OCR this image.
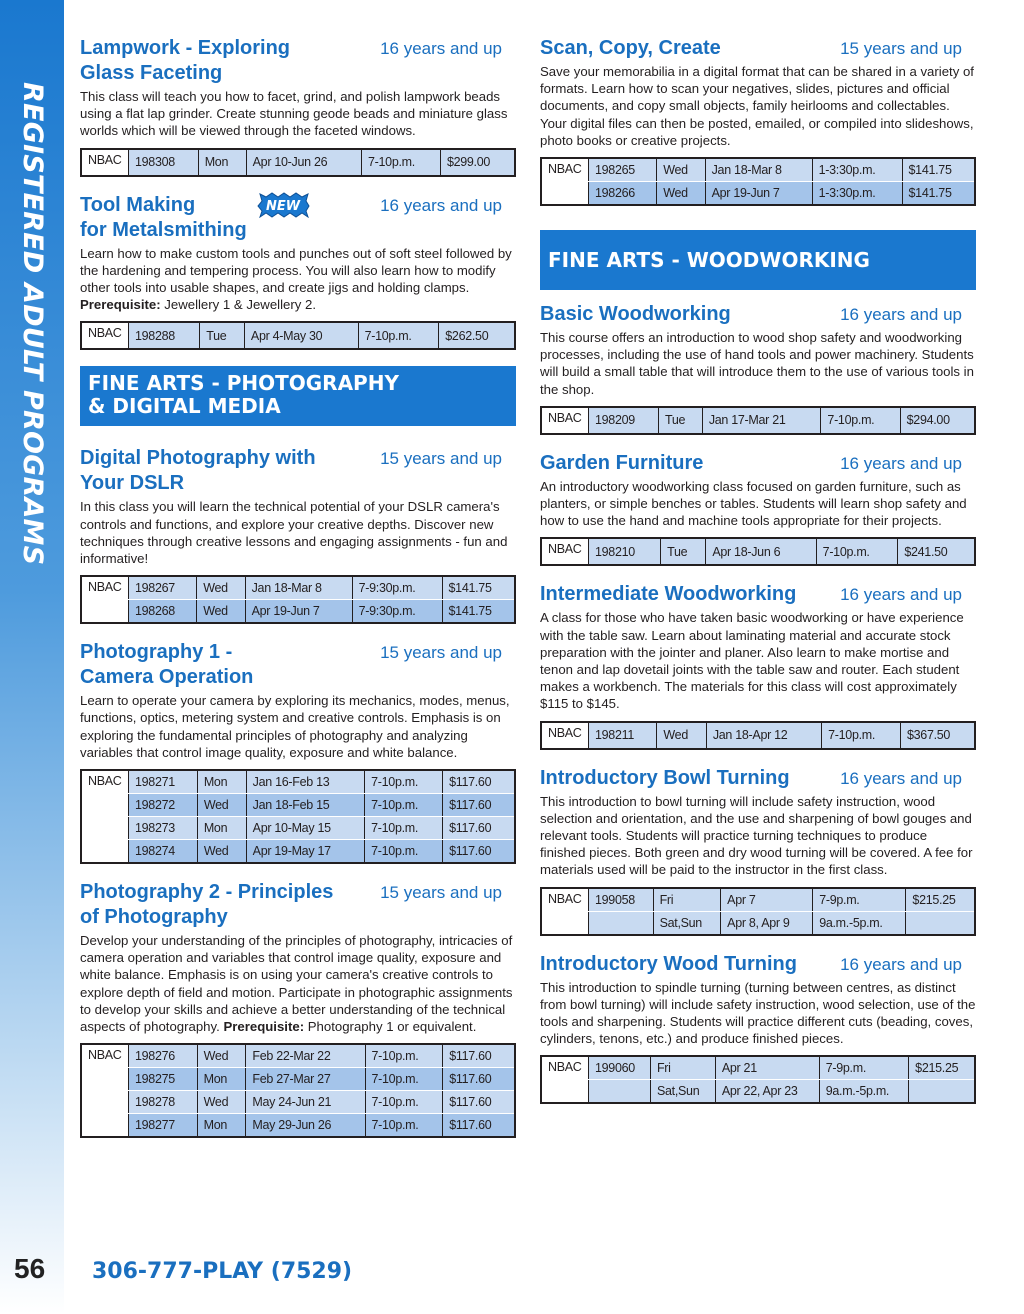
REGISTERED ADULT PROGRAMS
Lampwork - Exploring
Glass Faceting
16 years and up
This class will teach you how to facet, grind, and polish lampwork beads using a flat lap grinder. Create stunning geode beads and miniature glass worlds which will be viewed through the faceted windows.
NBAC	198308	Mon	Apr 10-Jun 26	7-10p.m.	$299.00
Tool Making
for Metalsmithing
NEW	16 years and up
Learn how to make custom tools and punches out of soft steel followed by the hardening and tempering process. You will also learn how to modify other tools into usable shapes, and create jigs and holding clamps. Prerequisite: Jewellery 1 & Jewellery 2.
NBAC	198288	Tue	Apr 4-May 30	7-10p.m.	$262.50
FINE ARTS - PHOTOGRAPHY
& DIGITAL MEDIA
Digital Photography with
Your DSLR
15 years and up
In this class you will learn the technical potential of your DSLR camera's controls and functions, and explore your creative depths. Discover new techniques through creative lessons and engaging assignments - fun and informative!
NBAC	198267	Wed	Jan 18-Mar 8	7-9:30p.m.	$141.75
	198268	Wed	Apr 19-Jun 7	7-9:30p.m.	$141.75
Photography 1 -
Camera Operation
15 years and up
Learn to operate your camera by exploring its mechanics, modes, menus, functions, optics, metering system and creative controls. Emphasis is on exploring the fundamental principles of photography and analyzing variables that control image quality, exposure and white balance.
NBAC	198271	Mon	Jan 16-Feb 13	7-10p.m.	$117.60
	198272	Wed	Jan 18-Feb 15	7-10p.m.	$117.60
	198273	Mon	Apr 10-May 15	7-10p.m.	$117.60
	198274	Wed	Apr 19-May 17	7-10p.m.	$117.60
Photography 2 - Principles
of Photography
15 years and up
Develop your understanding of the principles of photography, intricacies of camera operation and variables that control image quality, exposure and white balance. Emphasis is on using your camera's creative controls to explore depth of field and motion. Participate in photographic assignments to develop your skills and achieve a better understanding of the technical aspects of photography. Prerequisite: Photography 1 or equivalent.
NBAC	198276	Wed	Feb 22-Mar 22	7-10p.m.	$117.60
	198275	Mon	Feb 27-Mar 27	7-10p.m.	$117.60
	198278	Wed	May 24-Jun 21	7-10p.m.	$117.60
	198277	Mon	May 29-Jun 26	7-10p.m.	$117.60
Scan, Copy, Create	15 years and up
Save your memorabilia in a digital format that can be shared in a variety of formats. Learn how to scan your negatives, slides, pictures and official documents, and copy small objects, family heirlooms and collectables. Your digital files can then be posted, emailed, or compiled into slideshows, photo books or creative projects.
NBAC	198265	Wed	Jan 18-Mar 8	1-3:30p.m.	$141.75
	198266	Wed	Apr 19-Jun 7	1-3:30p.m.	$141.75
FINE ARTS - WOODWORKING
Basic Woodworking	16 years and up
This course offers an introduction to wood shop safety and woodworking processes, including the use of hand tools and power machinery. Students will build a small table that will introduce them to the use of various tools in the shop.
NBAC	198209	Tue	Jan 17-Mar 21	7-10p.m.	$294.00
Garden Furniture	16 years and up
An introductory woodworking class focused on garden furniture, such as planters, or simple benches or tables. Students will learn shop safety and how to use the hand and machine tools appropriate for their projects.
NBAC	198210	Tue	Apr 18-Jun 6	7-10p.m.	$241.50
Intermediate Woodworking	16 years and up
A class for those who have taken basic woodworking or have experience with the table saw. Learn about laminating material and accurate stock preparation with the jointer and planer. Also learn to make mortise and tenon and lap dovetail joints with the table saw and router. Each student makes a workbench. The materials for this class will cost approximately $115 to $145.
NBAC	198211	Wed	Jan 18-Apr 12	7-10p.m.	$367.50
Introductory Bowl Turning	16 years and up
This introduction to bowl turning will include safety instruction, wood selection and orientation, and the use and sharpening of bowl gouges and relevant tools. Students will practice turning techniques to produce finished pieces. Both green and dry wood turning will be covered. A fee for materials used will be paid to the instructor in the first class.
NBAC	199058	Fri	Apr 7	7-9p.m.	$215.25
		Sat,Sun	Apr 8, Apr 9	9a.m.-5p.m.	
Introductory Wood Turning	16 years and up
This introduction to spindle turning (turning between centres, as distinct from bowl turning) will include safety instruction, wood selection, use of the tools and sharpening. Students will practice different cuts (beading, coves, cylinders, tenons, etc.) and produce finished pieces.
NBAC	199060	Fri	Apr 21	7-9p.m.	$215.25
		Sat,Sun	Apr 22, Apr 23	9a.m.-5p.m.	
56 306-777-PLAY (7529)
